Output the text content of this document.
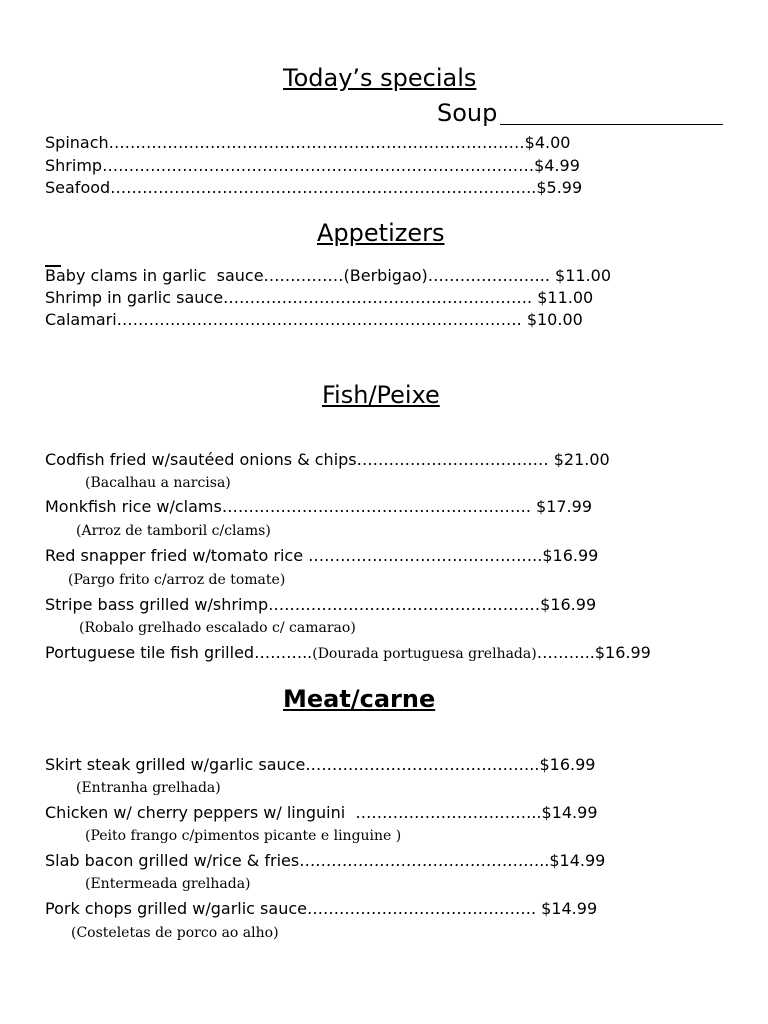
Today’s specials
Soup
Spinach……………………………………………………………………$4.00
Shrimp………………………………………………………………………$4.99
Seafood……………………………………………………………………..$5.99
Appetizers
Baby clams in garlic  sauce……………(Berbigao)………………….. $11.00
Shrimp in garlic sauce…………………………………………………. $11.00
Calamari…………………………………………………………………. $10.00
Fish/Peixe
Codfish fried w/sautéed onions & chips……………………………… $21.00
(Bacalhau a narcisa)
Monkfish rice w/clams…………………………………………………. $17.99
(Arroz de tamboril c/clams)
Red snapper fried w/tomato rice ……………………………………..$16.99
(Pargo frito c/arroz de tomate)
Stripe bass grilled w/shrimp……………………………………………$16.99
(Robalo grelhado escalado c/ camarao)
Portuguese tile fish grilled………..(Dourada portuguesa grelhada)………..$16.99
Meat/carne
Skirt steak grilled w/garlic sauce……………………………………..$16.99
(Entranha grelhada)
Chicken w/ cherry peppers w/ linguini  ……………………………..$14.99
(Peito frango c/pimentos picante e linguine )
Slab bacon grilled w/rice & fries………………………………………..$14.99
(Entermeada grelhada)
Pork chops grilled w/garlic sauce……………………………………. $14.99
(Costeletas de porco ao alho)
